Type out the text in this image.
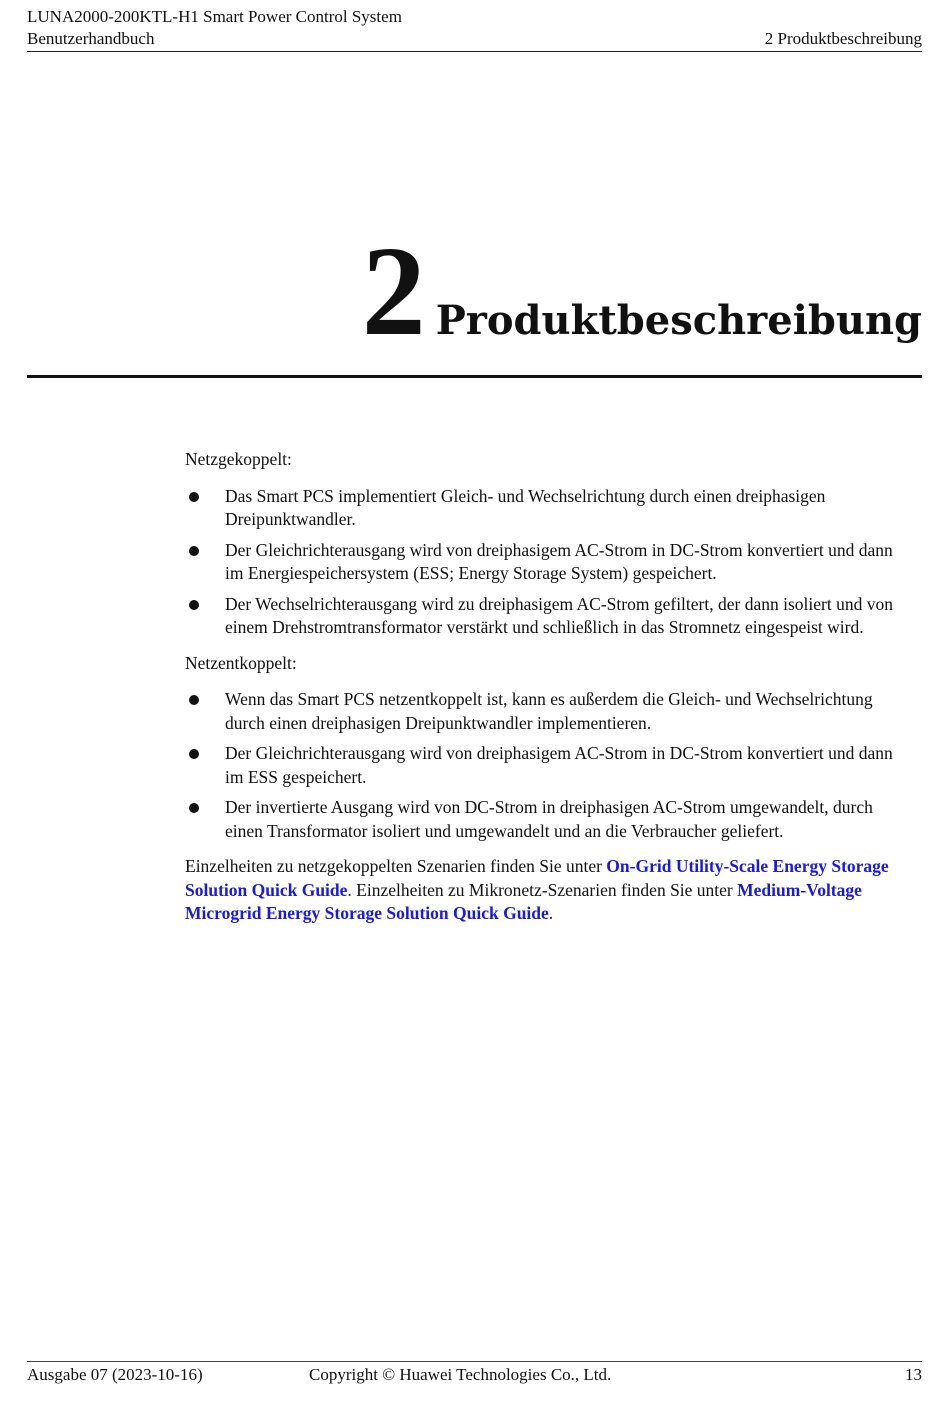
LUNA2000-200KTL-H1 Smart Power Control System
Benutzerhandbuch	2 Produktbeschreibung
2 Produktbeschreibung

Netzgekoppelt:

Das Smart PCS implementiert Gleich- und Wechselrichtung durch einen dreiphasigen Dreipunktwandler.
Der Gleichrichterausgang wird von dreiphasigem AC-Strom in DC-Strom konvertiert und dann im Energiespeichersystem (ESS; Energy Storage System) gespeichert.
Der Wechselrichterausgang wird zu dreiphasigem AC-Strom gefiltert, der dann isoliert und von einem Drehstromtransformator verstärkt und schließlich in das Stromnetz eingespeist wird.

Netzentkoppelt:

Wenn das Smart PCS netzentkoppelt ist, kann es außerdem die Gleich- und Wechselrichtung durch einen dreiphasigen Dreipunktwandler implementieren.
Der Gleichrichterausgang wird von dreiphasigem AC-Strom in DC-Strom konvertiert und dann im ESS gespeichert.
Der invertierte Ausgang wird von DC-Strom in dreiphasigen AC-Strom umgewandelt, durch einen Transformator isoliert und umgewandelt und an die Verbraucher geliefert.

Einzelheiten zu netzgekoppelten Szenarien finden Sie unter On-Grid Utility-Scale Energy Storage Solution Quick Guide. Einzelheiten zu Mikronetz-Szenarien finden Sie unter Medium-Voltage Microgrid Energy Storage Solution Quick Guide.

Ausgabe 07 (2023-10-16)	Copyright © Huawei Technologies Co., Ltd.	13
